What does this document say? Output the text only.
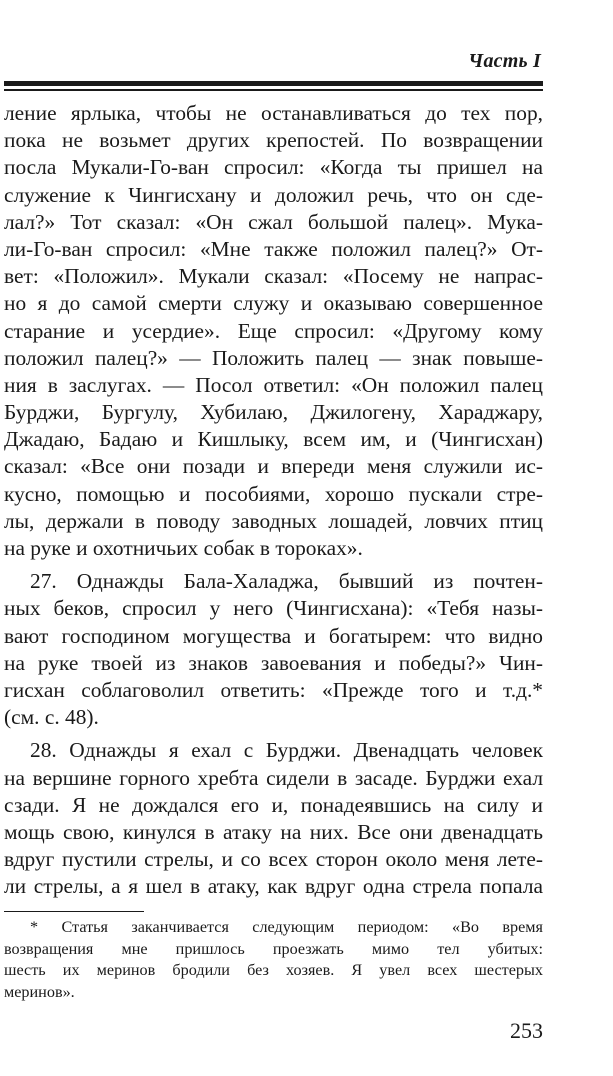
Часть I
ление ярлыка, чтобы не останавливаться до тех пор,
пока не возьмет других крепостей. По возвращении
посла Мукали-Го-ван спросил: «Когда ты пришел на
служение к Чингисхану и доложил речь, что он сде-
лал?» Тот сказал: «Он сжал большой палец». Мука-
ли-Го-ван спросил: «Мне также положил палец?» От-
вет: «Положил». Мукали сказал: «Посему не напрас-
но я до самой смерти служу и оказываю совершенное
старание и усердие». Еще спросил: «Другому кому
положил палец?» — Положить палец — знак повыше-
ния в заслугах. — Посол ответил: «Он положил палец
Бурджи, Бургулу, Хубилаю, Джилогену, Хараджару,
Джадаю, Бадаю и Кишлыку, всем им, и (Чингисхан)
сказал: «Все они позади и впереди меня служили ис-
кусно, помощью и пособиями, хорошо пускали стре-
лы, держали в поводу заводных лошадей, ловчих птиц
на руке и охотничьих собак в тороках».
27. Однажды Бала-Халаджа, бывший из почтен-
ных беков, спросил у него (Чингисхана): «Тебя назы-
вают господином могущества и богатырем: что видно
на руке твоей из знаков завоевания и победы?» Чин-
гисхан соблаговолил ответить: «Прежде того и т.д.*
(см. с. 48).
28. Однажды я ехал с Бурджи. Двенадцать человек
на вершине горного хребта сидели в засаде. Бурджи ехал
сзади. Я не дождался его и, понадеявшись на силу и
мощь свою, кинулся в атаку на них. Все они двенадцать
вдруг пустили стрелы, и со всех сторон около меня лете-
ли стрелы, а я шел в атаку, как вдруг одна стрела попала
* Статья заканчивается следующим периодом: «Во время
возвращения мне пришлось проезжать мимо тел убитых:
шесть их меринов бродили без хозяев. Я увел всех шестерых
меринов».
253
